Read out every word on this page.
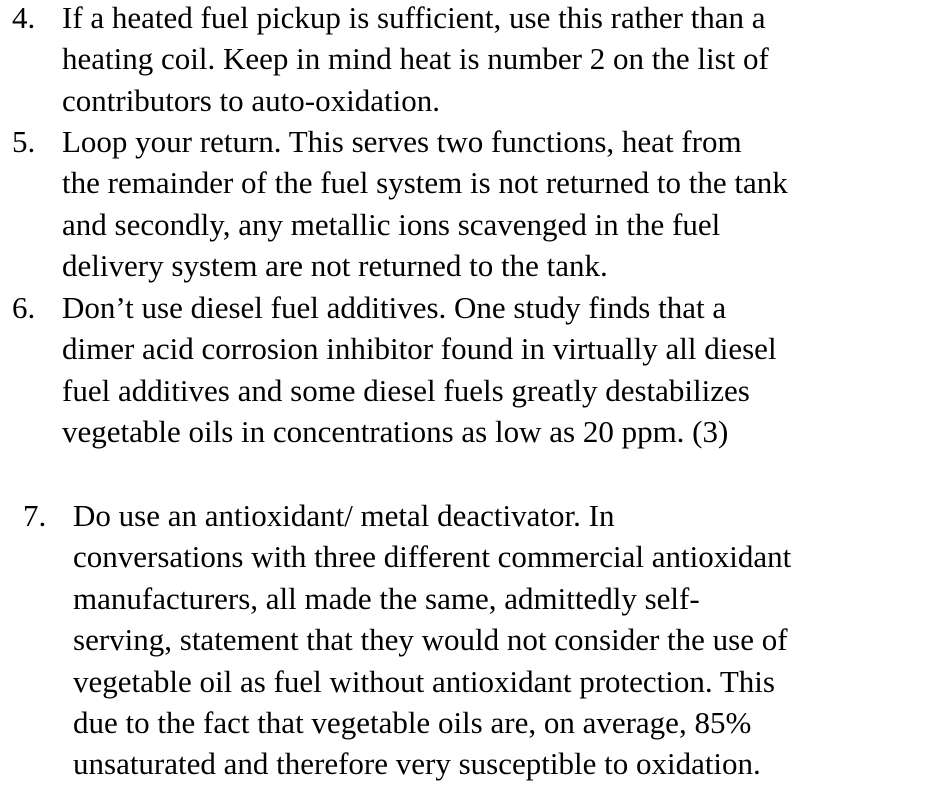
4. If a heated fuel pickup is sufficient, use this rather than a
heating coil. Keep in mind heat is number 2 on the list of
contributors to auto-oxidation.
5. Loop your return. This serves two functions, heat from
the remainder of the fuel system is not returned to the tank
and secondly, any metallic ions scavenged in the fuel
delivery system are not returned to the tank.
6. Don’t use diesel fuel additives. One study finds that a
dimer acid corrosion inhibitor found in virtually all diesel
fuel additives and some diesel fuels greatly destabilizes
vegetable oils in concentrations as low as 20 ppm. (3)
7. Do use an antioxidant/ metal deactivator. In
conversations with three different commercial antioxidant
manufacturers, all made the same, admittedly self-
serving, statement that they would not consider the use of
vegetable oil as fuel without antioxidant protection. This
due to the fact that vegetable oils are, on average, 85%
unsaturated and therefore very susceptible to oxidation.
